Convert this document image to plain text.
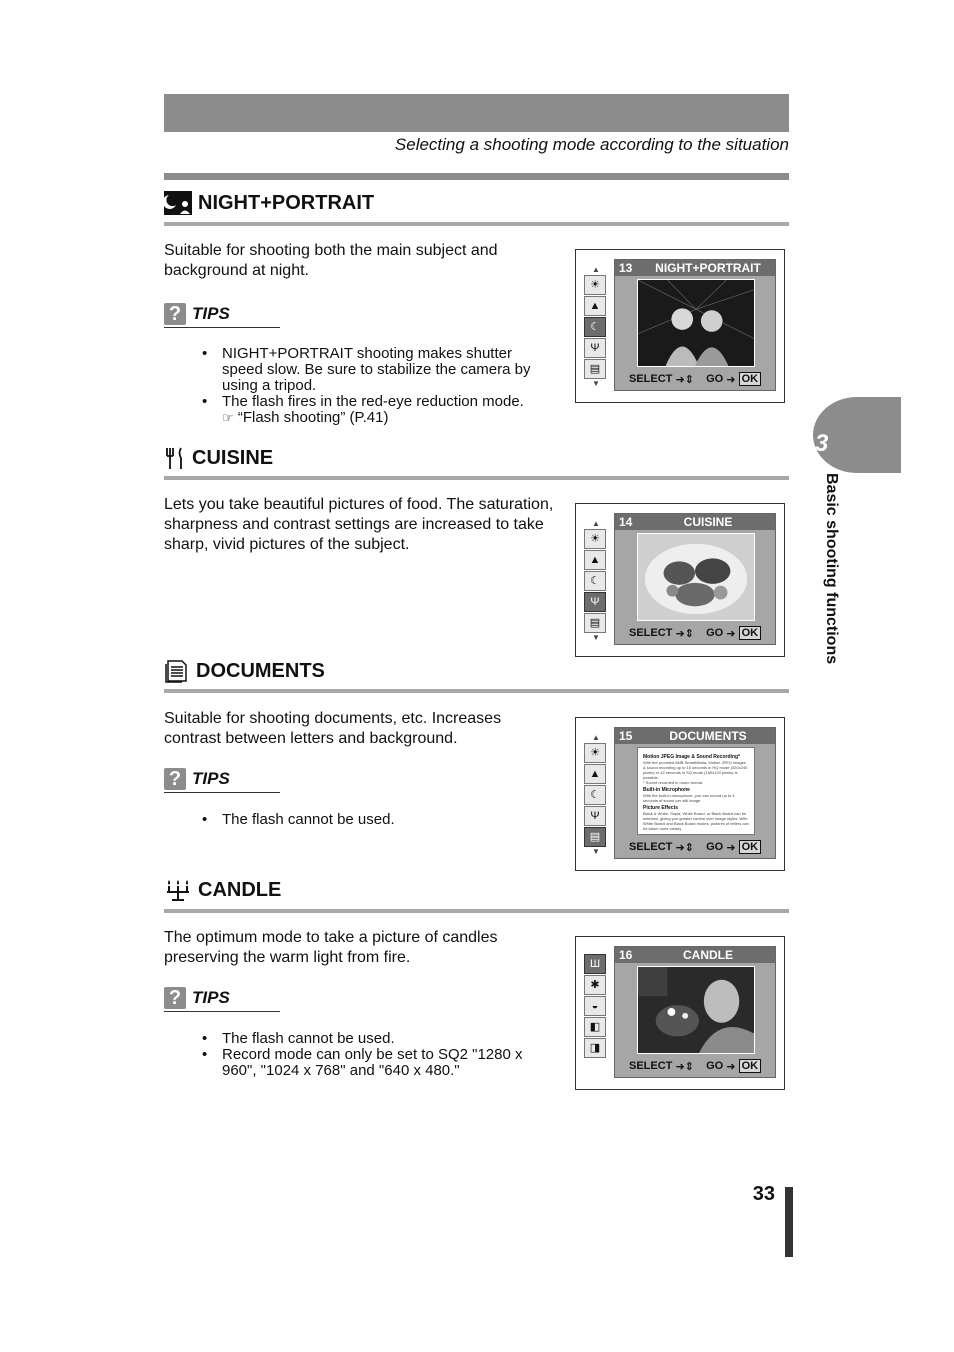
Selecting a shooting mode according to the situation
NIGHT+PORTRAIT
Suitable for shooting both the main subject and background at night.
? TIPS
• NIGHT+PORTRAIT shooting makes shutter speed slow. Be sure to stabilize the camera by using a tripod.
• The flash fires in the red-eye reduction mode.
☞ “Flash shooting” (P.41)
▲
☀
▲
☾
Ψ
▤
▼
13	NIGHT+PORTRAIT
SELECT ➜⇕ GO ➜ OK
CUISINE
Lets you take beautiful pictures of food. The saturation, sharpness and contrast settings are increased to take sharp, vivid pictures of the subject.
▲
☀
▲
☾
Ψ
▤
▼
14	CUISINE
SELECT ➜⇕ GO ➜ OK
DOCUMENTS
Suitable for shooting documents, etc. Increases contrast between letters and background.
? TIPS
• The flash cannot be used.
▲
☀
▲
☾
Ψ
▤
▼
15	DOCUMENTS
Motion JPEG Image & Sound Recording*
With the provided 8MB SmartMedia, Motion JPEG images & sound recording up to 15 seconds in HQ mode (320x240 pixels) or 42 seconds in SQ mode (160x120 pixels) is possible.
* Sound recorded in mono format.
Built-in Microphone
With the built-in microphone, you can record up to 4 seconds of sound per still image.
Picture Effects
Black & White, Sepia, White Board, or Black Board can be selected, giving you greater control over image styles. With White Board and Black Board modes, pictures of letters can be taken more clearly.
SELECT ➜⇕ GO ➜ OK
CANDLE
The optimum mode to take a picture of candles preserving the warm light from fire.
? TIPS
• The flash cannot be used.
• Record mode can only be set to SQ2 "1280 x 960", "1024 x 768" and "640 x 480."
Ш
✱
◒
◧
◨
16	CANDLE
SELECT ➜⇕ GO ➜ OK
3
Basic shooting functions
33
